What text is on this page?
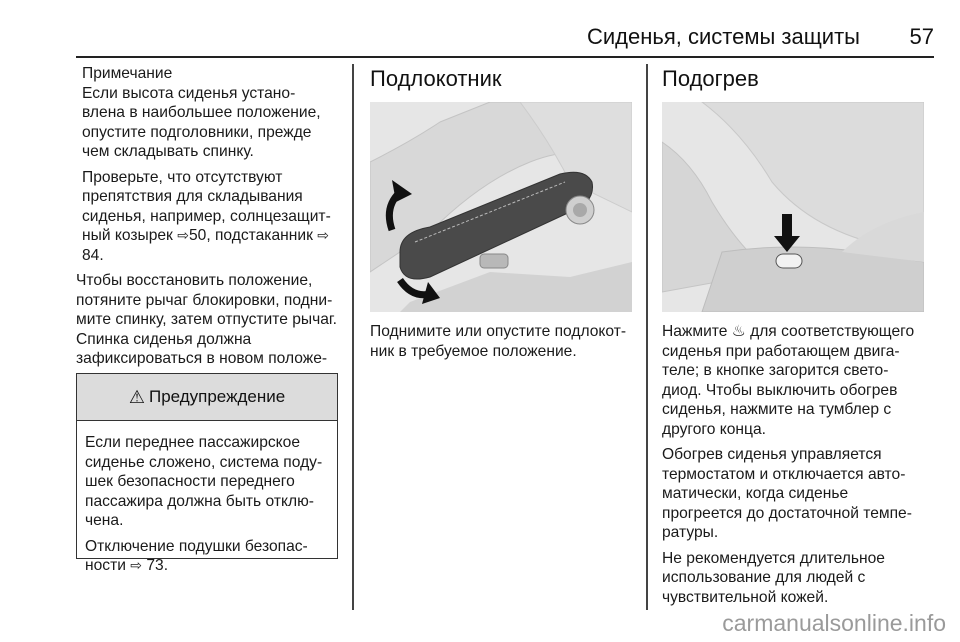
Сиденья, системы защиты	57
Примечание

Если высота сиденья устано- влена в наибольшее положение, опустите подголовники, прежде чем складывать спинку.

Проверьте, что отсутствуют препятствия для складывания сиденья, например, солнцезащит- ный козырек ⇨50, подстаканник ⇨ 84.

Чтобы восстановить положение, потяните рычаг блокировки, подни- мите спинку, затем отпустите рычаг. Спинка сиденья должна зафиксироваться в новом положе-

⚠ Предупреждение

Если переднее пассажирское сиденье сложено, система поду- шек безопасности переднего пассажира должна быть отклю- чена.

Отключение подушки безопас- ности ⇨ 73.

Подлокотник

Поднимите или опустите подлокот- ник в требуемое положение.

Подогрев

Нажмите ♨ для соответствующего сиденья при работающем двига- теле; в кнопке загорится свето- диод. Чтобы выключить обогрев сиденья, нажмите на тумблер с другого конца.

Обогрев сиденья управляется термостатом и отключается авто- матически, когда сиденье прогреется до достаточной темпе- ратуры.

Не рекомендуется длительное использование для людей с чувствительной кожей.

carmanualsonline.info
